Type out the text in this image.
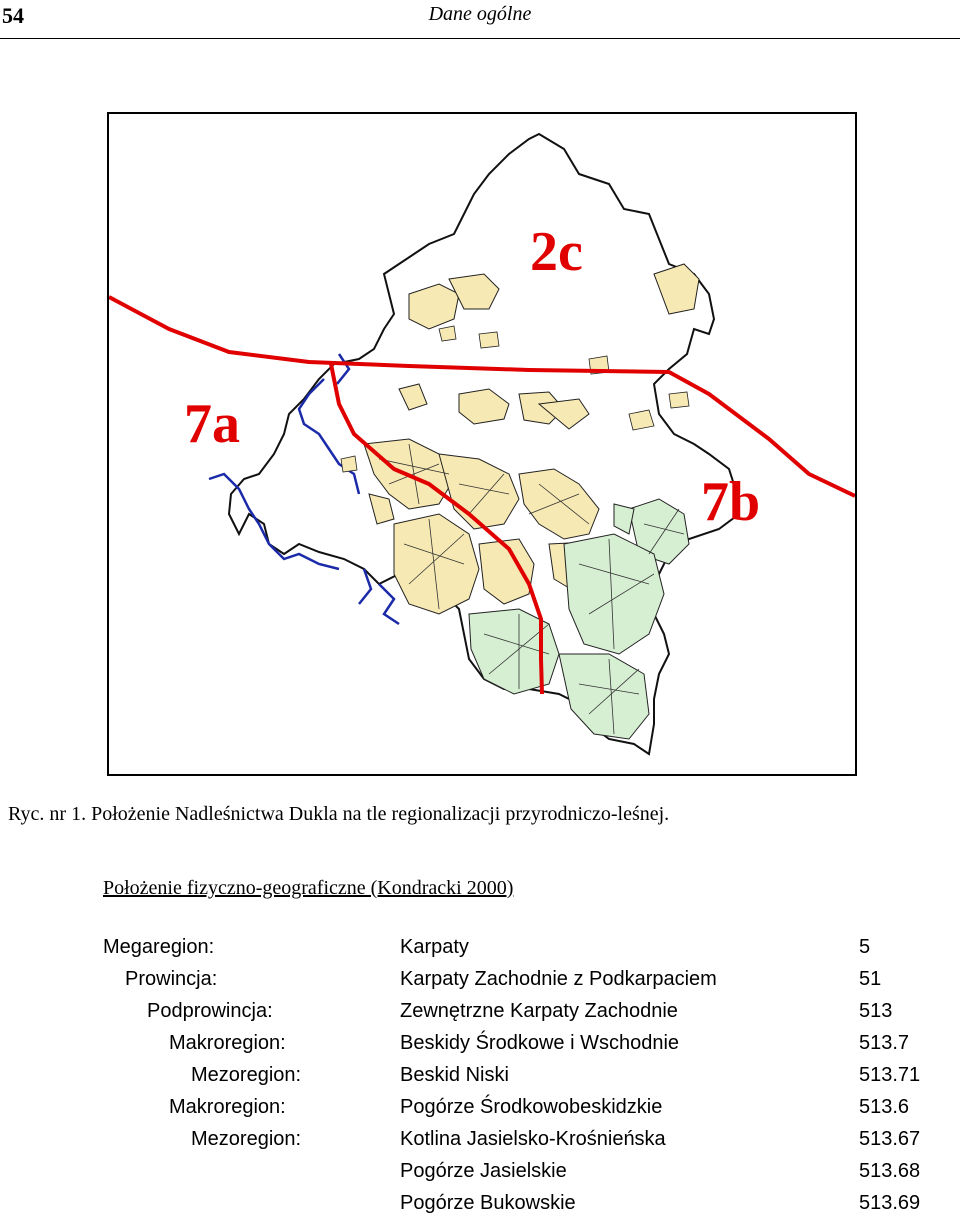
54	Dane ogólne
2c
7a
7b
Ryc. nr 1. Położenie Nadleśnictwa Dukla na tle regionalizacji przyrodniczo-leśnej.
Położenie fizyczno-geograficzne (Kondracki 2000)
Megaregion:	Karpaty	5
Prowincja:	Karpaty Zachodnie z Podkarpaciem	51
Podprowincja:	Zewnętrzne Karpaty Zachodnie	513
Makroregion:	Beskidy Środkowe i Wschodnie	513.7
Mezoregion:	Beskid Niski	513.71
Makroregion:	Pogórze Środkowobeskidzkie	513.6
Mezoregion:	Kotlina Jasielsko-Krośnieńska	513.67
Pogórze Jasielskie	513.68
Pogórze Bukowskie	513.69
